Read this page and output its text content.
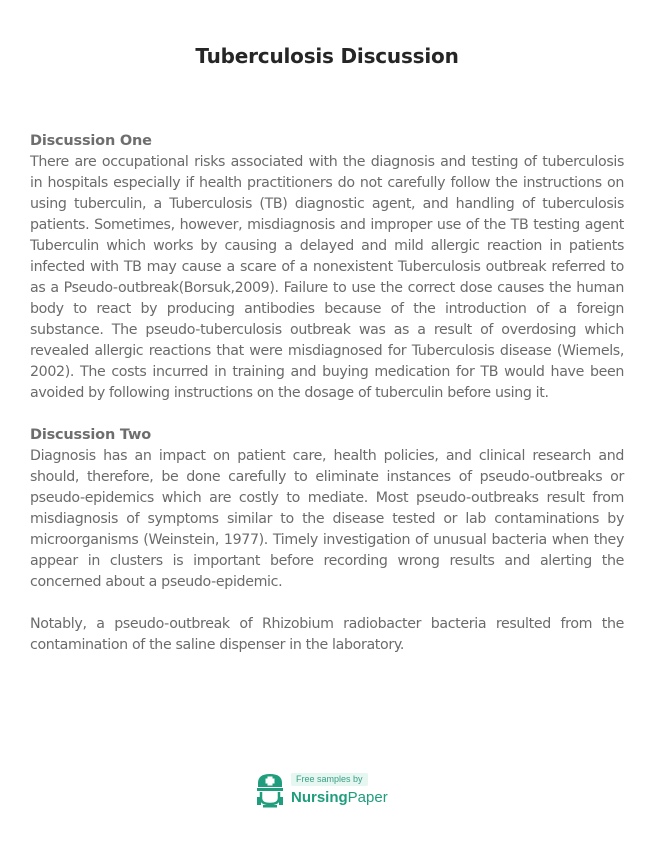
Tuberculosis Discussion
Discussion One

There are occupational risks associated with the diagnosis and testing of tuberculosis in hospitals especially if health practitioners do not carefully follow the instructions on using tuberculin, a Tuberculosis (TB) diagnostic agent, and handling of tuberculosis patients. Sometimes, however, misdiagnosis and improper use of the TB testing agent Tuberculin which works by causing a delayed and mild allergic reaction in patients infected with TB may cause a scare of a nonexistent Tuberculosis outbreak referred to as a Pseudo-outbreak(Borsuk,2009). Failure to use the correct dose causes the human body to react by producing antibodies because of the introduction of a foreign substance. The pseudo-tuberculosis outbreak was as a result of overdosing which revealed allergic reactions that were misdiagnosed for Tuberculosis disease (Wiemels, 2002). The costs incurred in training and buying medication for TB would have been avoided by following instructions on the dosage of tuberculin before using it.

Discussion Two

Diagnosis has an impact on patient care, health policies, and clinical research and should, therefore, be done carefully to eliminate instances of pseudo-outbreaks or pseudo-epidemics which are costly to mediate. Most pseudo-outbreaks result from misdiagnosis of symptoms similar to the disease tested or lab contaminations by microorganisms (Weinstein, 1977). Timely investigation of unusual bacteria when they appear in clusters is important before recording wrong results and alerting the concerned about a pseudo-epidemic.

Notably, a pseudo-outbreak of Rhizobium radiobacter bacteria resulted from the contamination of the saline dispenser in the laboratory.

Free samples by
NursingPaper
